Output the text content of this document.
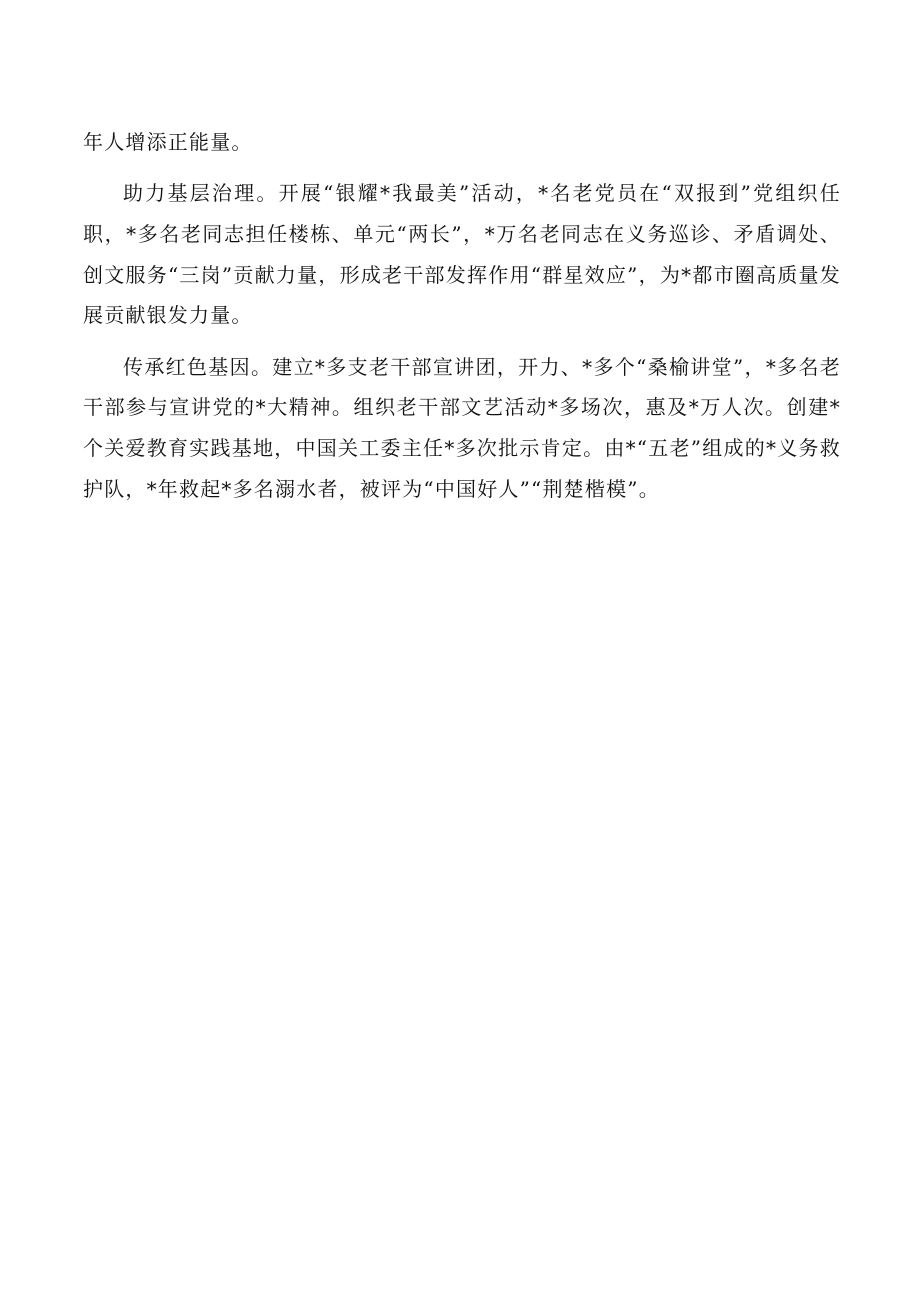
年人增添正能量。

助力基层治理。开展“银耀*我最美”活动，*名老党员在“双报到”党组织任职，*多名老同志担任楼栋、单元“两长”，*万名老同志在义务巡诊、矛盾调处、创文服务“三岗”贡献力量，形成老干部发挥作用“群星效应”，为*都市圈高质量发展贡献银发力量。

传承红色基因。建立*多支老干部宣讲团，开力、*多个“桑榆讲堂”，*多名老干部参与宣讲党的*大精神。组织老干部文艺活动*多场次，惠及*万人次。创建*个关爱教育实践基地，中国关工委主任*多次批示肯定。由*“五老”组成的*义务救护队，*年救起*多名溺水者，被评为“中国好人”“荆楚楷模”。
